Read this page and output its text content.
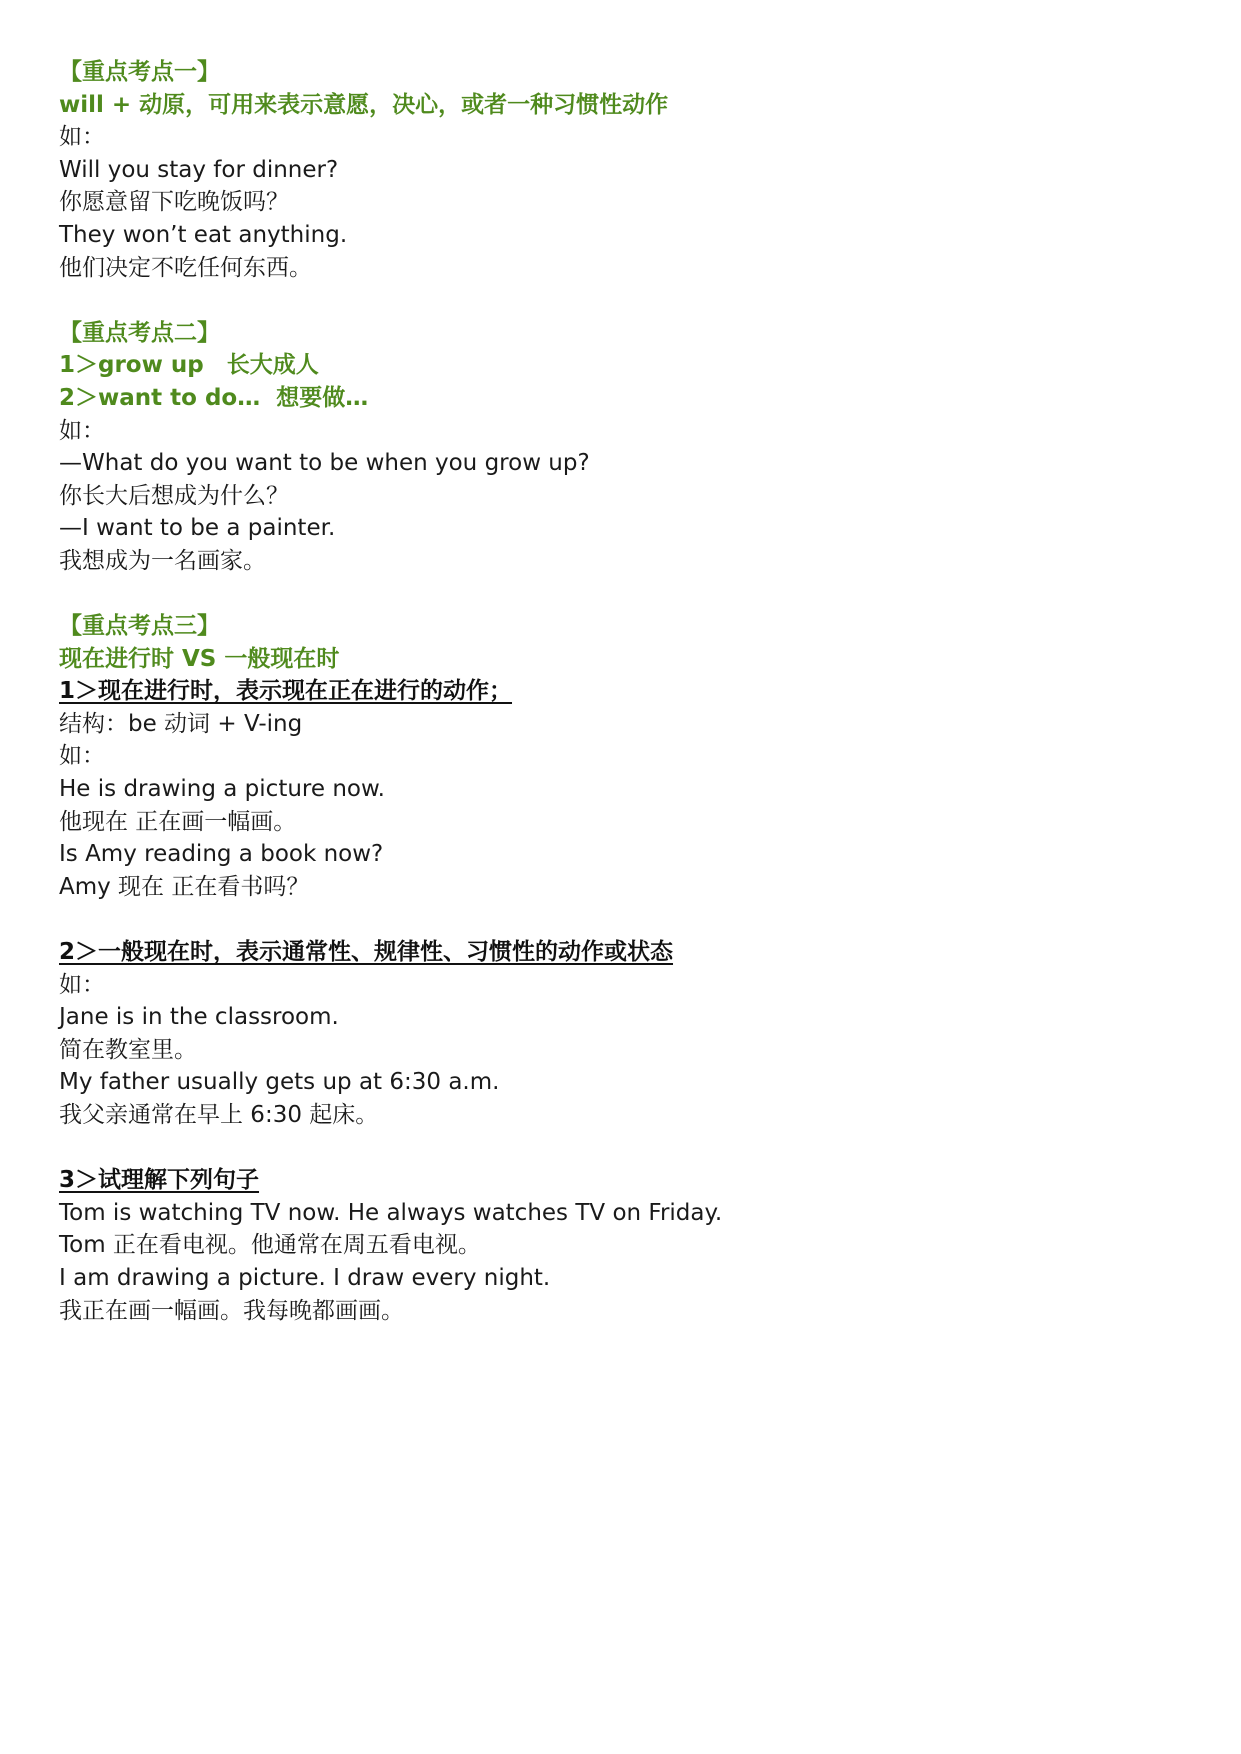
【重点考点一】
will + 动原，可用来表示意愿，决心，或者一种习惯性动作
如：
Will you stay for dinner?
你愿意留下吃晚饭吗？
They won’t eat anything.
他们决定不吃任何东西。
【重点考点二】
1＞grow up　长大成人
2＞want to do…  想要做…
如：
—What do you want to be when you grow up?
你长大后想成为什么？
—I want to be a painter.
我想成为一名画家。
【重点考点三】
现在进行时 VS 一般现在时
1＞现在进行时，表示现在正在进行的动作；
结构：be 动词 + V-ing
如：
He is drawing a picture now.
他现在 正在画一幅画。
Is Amy reading a book now?
Amy 现在 正在看书吗？
2＞一般现在时，表示通常性、规律性、习惯性的动作或状态
如：
Jane is in the classroom.
简在教室里。
My father usually gets up at 6:30 a.m.
我父亲通常在早上 6:30 起床。
3＞试理解下列句子
Tom is watching TV now. He always watches TV on Friday.
Tom 正在看电视。他通常在周五看电视。
I am drawing a picture. I draw every night.
我正在画一幅画。我每晚都画画。
